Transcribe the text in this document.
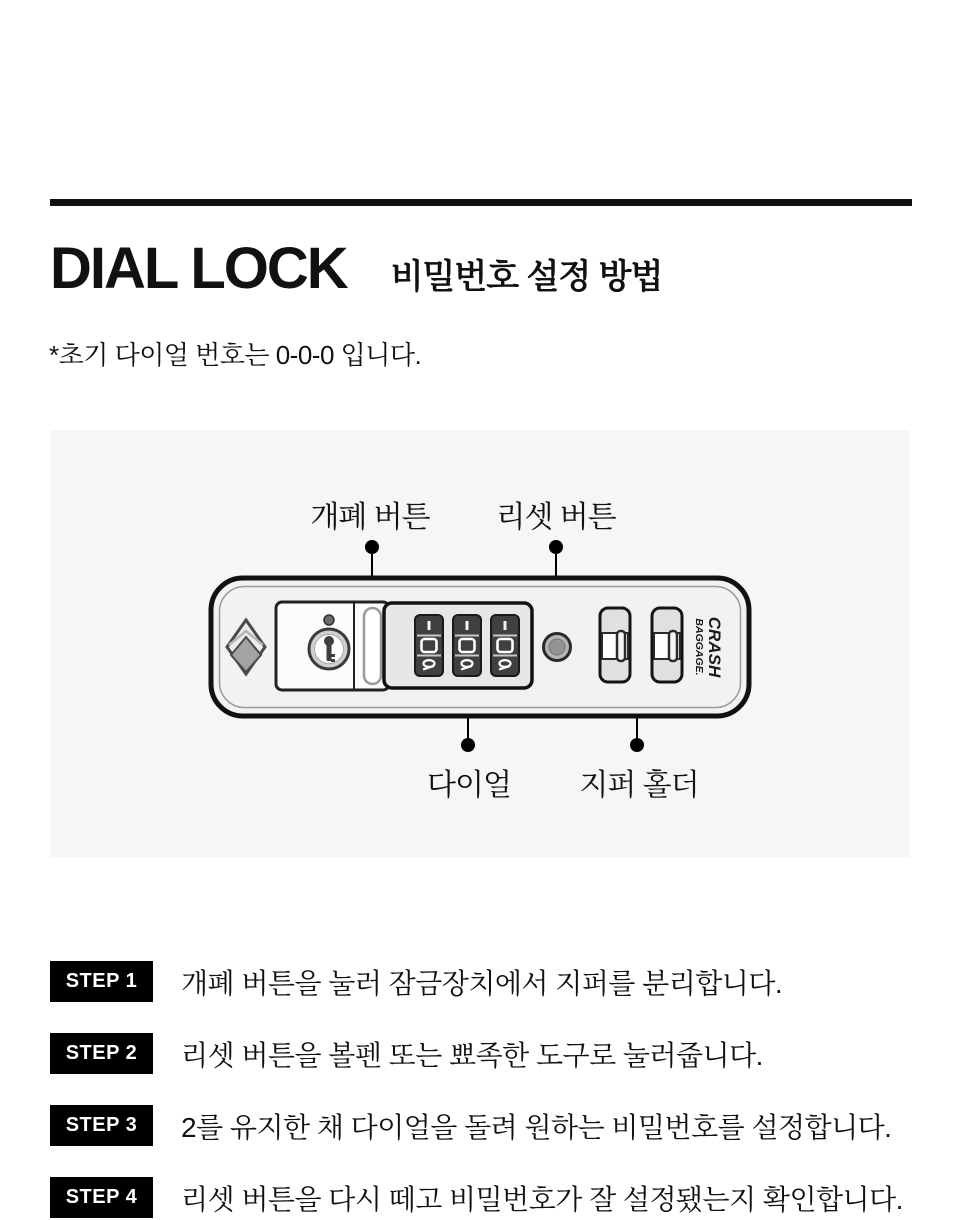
DIAL LOCK 비밀번호 설정 방법
*초기 다이얼 번호는 0-0-0 입니다.
개폐 버튼 리셋 버튼
다이얼 지퍼 홀더
CRASH
BAGGAGE.
STEP 1	개폐 버튼을 눌러 잠금장치에서 지퍼를 분리합니다.
STEP 2	리셋 버튼을 볼펜 또는 뾰족한 도구로 눌러줍니다.
STEP 3	2를 유지한 채 다이얼을 돌려 원하는 비밀번호를 설정합니다.
STEP 4	리셋 버튼을 다시 떼고 비밀번호가 잘 설정됐는지 확인합니다.
